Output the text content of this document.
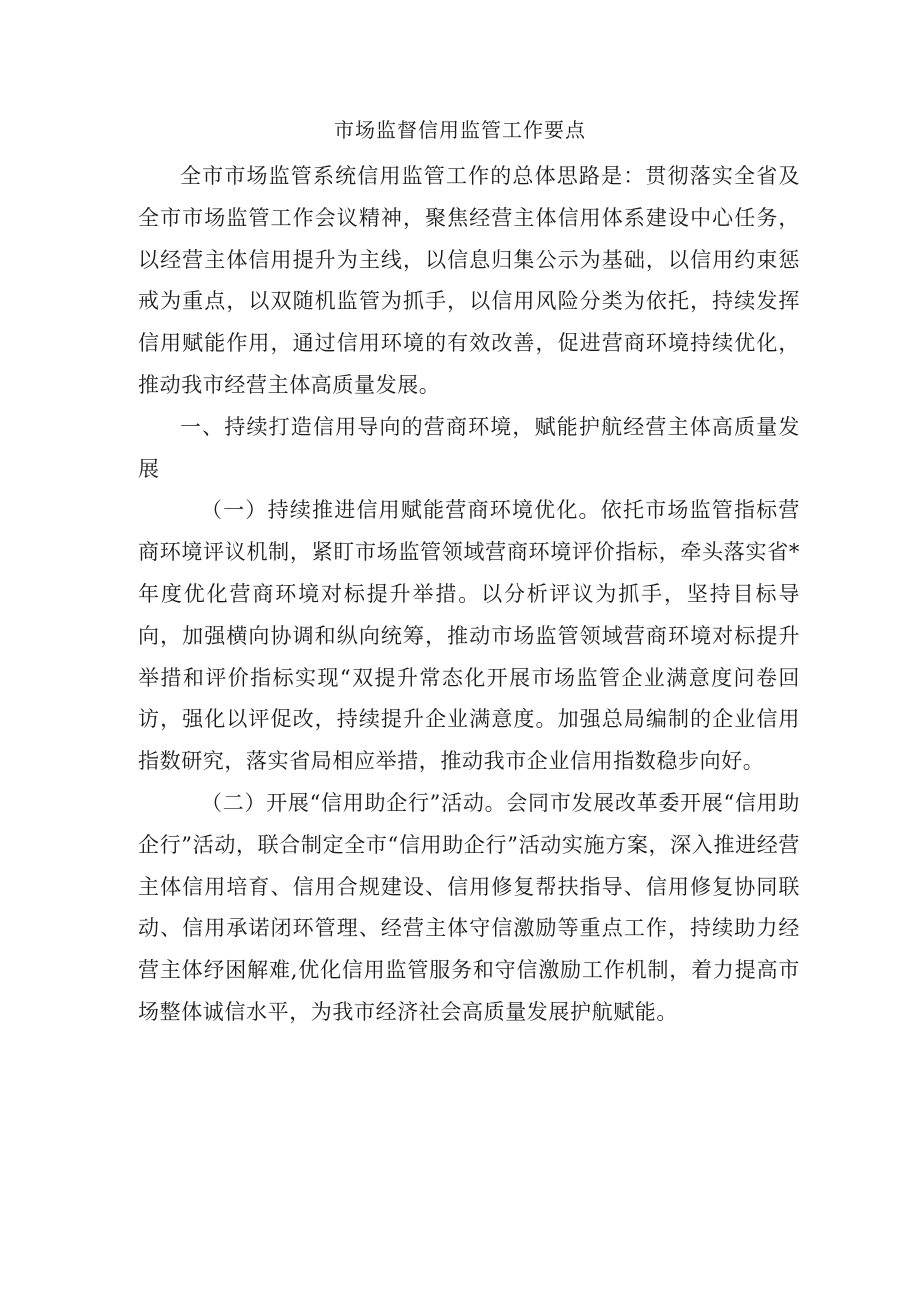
市场监督信用监管工作要点

全市市场监管系统信用监管工作的总体思路是：贯彻落实全省及全市市场监管工作会议精神，聚焦经营主体信用体系建设中心任务，以经营主体信用提升为主线，以信息归集公示为基础，以信用约束惩戒为重点，以双随机监管为抓手，以信用风险分类为依托，持续发挥信用赋能作用，通过信用环境的有效改善，促进营商环境持续优化，推动我市经营主体高质量发展。

一、持续打造信用导向的营商环境，赋能护航经营主体高质量发展

（一）持续推进信用赋能营商环境优化。依托市场监管指标营商环境评议机制，紧盯市场监管领域营商环境评价指标，牵头落实省*年度优化营商环境对标提升举措。以分析评议为抓手，坚持目标导向，加强横向协调和纵向统筹，推动市场监管领域营商环境对标提升举措和评价指标实现“双提升常态化开展市场监管企业满意度问卷回访，强化以评促改，持续提升企业满意度。加强总局编制的企业信用指数研究，落实省局相应举措，推动我市企业信用指数稳步向好。

（二）开展“信用助企行”活动。会同市发展改革委开展“信用助企行”活动，联合制定全市“信用助企行”活动实施方案，深入推进经营主体信用培育、信用合规建设、信用修复帮扶指导、信用修复协同联动、信用承诺闭环管理、经营主体守信激励等重点工作，持续助力经营主体纾困解难,优化信用监管服务和守信激励工作机制，着力提高市场整体诚信水平，为我市经济社会高质量发展护航赋能。
